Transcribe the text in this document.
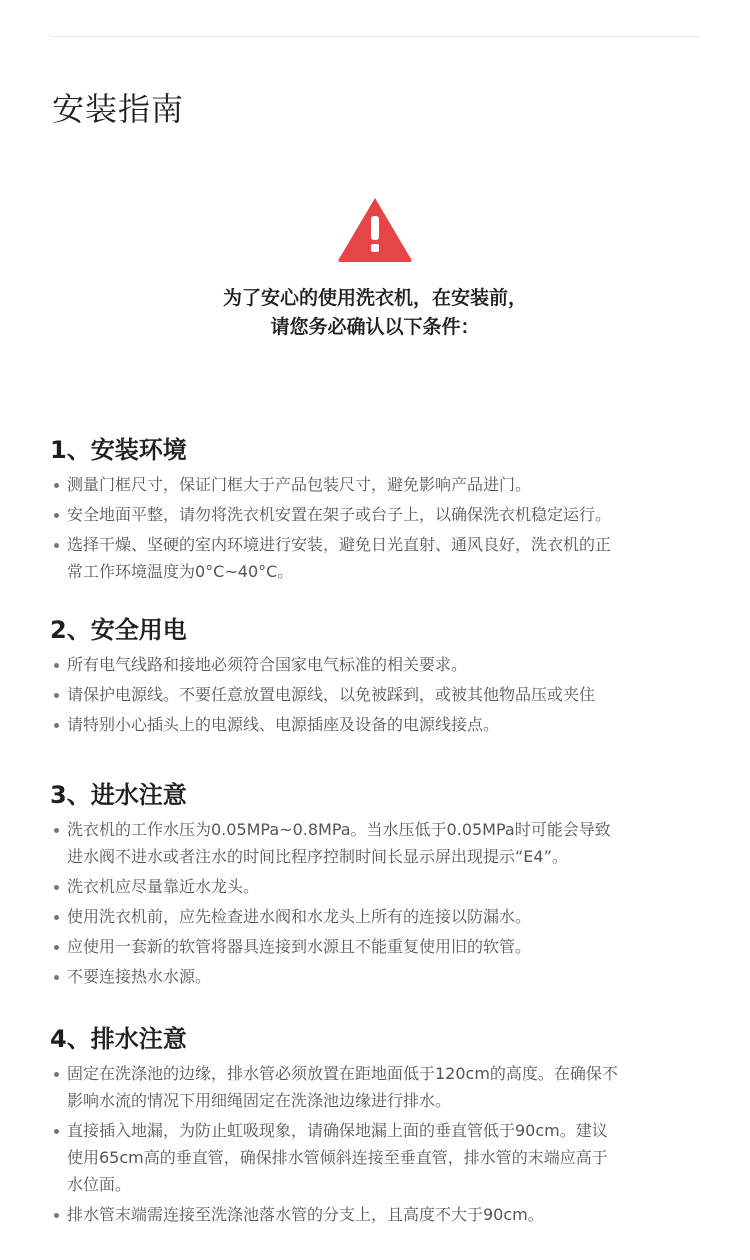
安装指南
为了安心的使用洗衣机，在安装前，
请您务必确认以下条件：
1、安装环境
测量门框尺寸，保证门框大于产品包装尺寸，避免影响产品进门。
安全地面平整，请勿将洗衣机安置在架子或台子上，以确保洗衣机稳定运行。
选择干燥、坚硬的室内环境进行安装，避免日光直射、通风良好，洗衣机的正
常工作环境温度为0°C~40°C。
2、安全用电
所有电气线路和接地必须符合国家电气标准的相关要求。
请保护电源线。不要任意放置电源线，以免被踩到，或被其他物品压或夹住
请特别小心插头上的电源线、电源插座及设备的电源线接点。
3、进水注意
洗衣机的工作水压为0.05MPa~0.8MPa。当水压低于0.05MPa时可能会导致
进水阀不进水或者注水的时间比程序控制时间长显示屏出现提示“E4”。
洗衣机应尽量靠近水龙头。
使用洗衣机前，应先检查进水阀和水龙头上所有的连接以防漏水。
应使用一套新的软管将器具连接到水源且不能重复使用旧的软管。
不要连接热水水源。
4、排水注意
固定在洗涤池的边缘，排水管必须放置在距地面低于120cm的高度。在确保不
影响水流的情况下用细绳固定在洗涤池边缘进行排水。
直接插入地漏，为防止虹吸现象，请确保地漏上面的垂直管低于90cm。建议
使用65cm高的垂直管，确保排水管倾斜连接至垂直管，排水管的末端应高于
水位面。
排水管末端需连接至洗涤池落水管的分支上，且高度不大于90cm。
